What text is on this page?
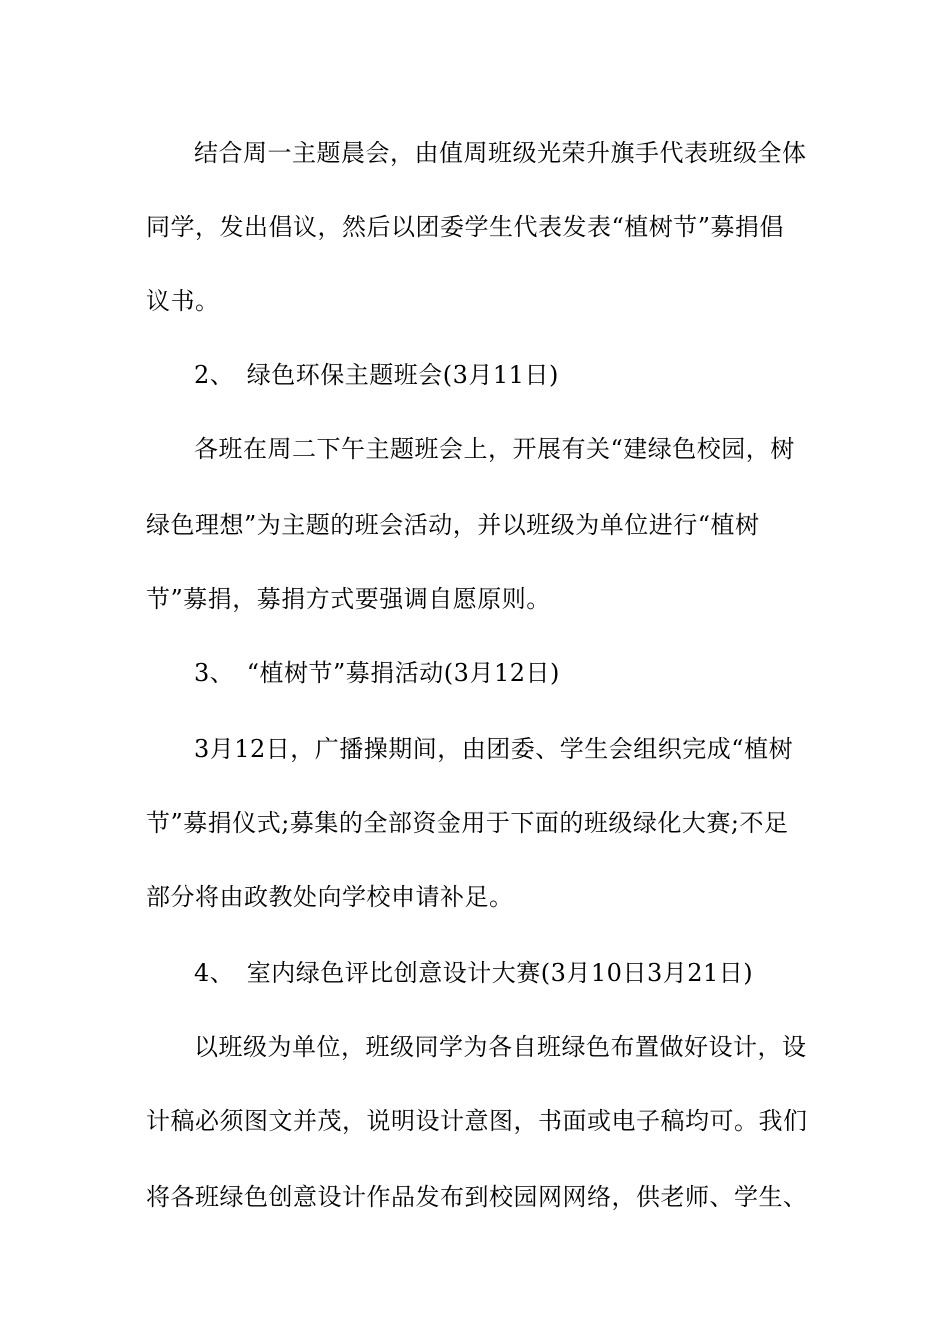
结合周一主题晨会，由值周班级光荣升旗手代表班级全体
同学，发出倡议，然后以团委学生代表发表“植树节”募捐倡
议书。
2、　绿色环保主题班会(3月11日)
各班在周二下午主题班会上，开展有关“建绿色校园，树
绿色理想”为主题的班会活动，并以班级为单位进行“植树
节”募捐，募捐方式要强调自愿原则。
3、　“植树节”募捐活动(3月12日)
3月12日，广播操期间，由团委、学生会组织完成“植树
节”募捐仪式;募集的全部资金用于下面的班级绿化大赛;不足
部分将由政教处向学校申请补足。
4、　室内绿色评比创意设计大赛(3月10日3月21日)
以班级为单位，班级同学为各自班绿色布置做好设计，设
计稿必须图文并茂，说明设计意图，书面或电子稿均可。我们
将各班绿色创意设计作品发布到校园网网络，供老师、学生、
